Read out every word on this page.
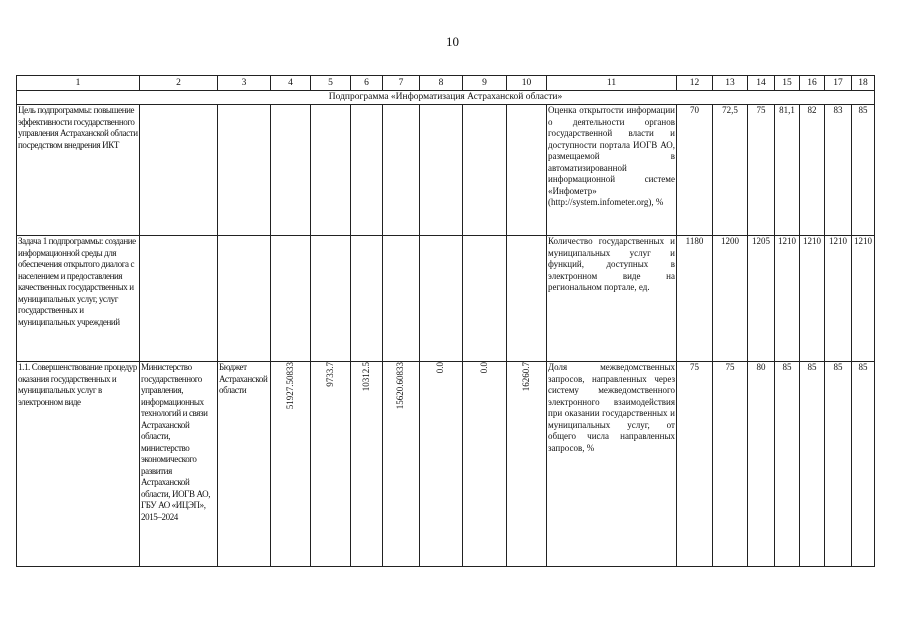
10
1	2	3	4	5	6	7	8	9	10	11	12	13	14	15	16	17	18
Подпрограмма «Информатизация Астраханской области»																	
Цель подпрограммы: повышение эффективности государственного управления Астраханской области посредством внедрения ИКТ										Оценка открытости информации о деятельности органов государственной власти и доступности портала ИОГВ АО, размещаемой в автоматизированной информационной системе «Инфометр» (http://system.infometer.org), %	70	72,5	75	81,1	82	83	85
Задача 1 подпрограммы: создание информационной среды для обеспечения открытого диалога с населением и предоставления качественных государственных и муниципальных услуг, услуг государственных и муниципальных учреждений										Количество государственных и муниципальных услуг и функций, доступных в электронном виде на региональном портале, ед.	1180	1200	1205	1210	1210	1210	1210
1.1. Совершенствование процедур оказания государственных и муниципальных услуг в электронном виде	Министерство государственного управления, информационных технологий и связи Астраханской области, министерство экономического развития Астраханской области, ИОГВ АО, ГБУ АО «ИЦЭП», 2015–2024	Бюджет Астраханской области	51927.50833	9733.7	10312.5	15620.60833	0.0	0.0	16260.7	Доля межведомственных запросов, направленных через систему межведомственного электронного взаимодействия при оказании государственных и муниципальных услуг, от общего числа направленных запросов, %	75	75	80	85	85	85	85
